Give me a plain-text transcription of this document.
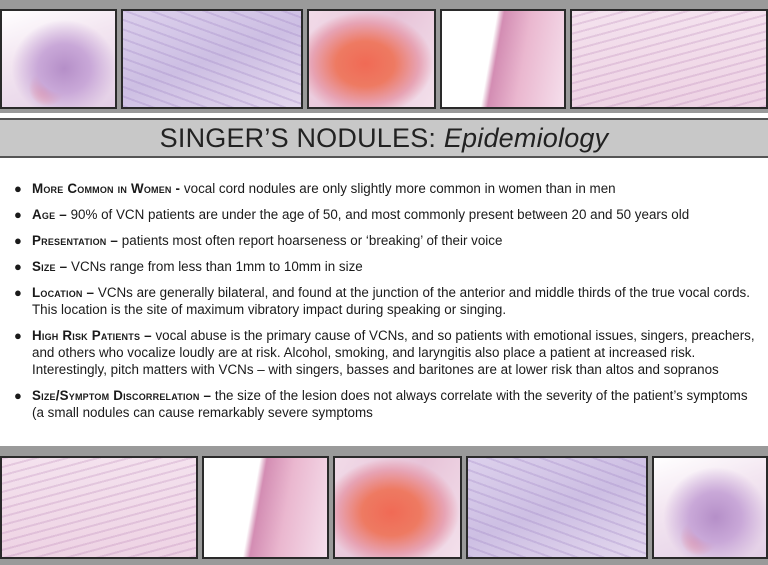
SINGER’S NODULES: Epidemiology
● More Common in Women - vocal cord nodules are only slightly more common in women than in men
● Age – 90% of VCN patients are under the age of 50, and most commonly present between 20 and 50 years old
● Presentation – patients most often report hoarseness or ‘breaking’ of their voice
● Size – VCNs range from less than 1mm to 10mm in size
● Location – VCNs are generally bilateral, and found at the junction of the anterior and middle thirds of the true vocal cords. This location is the site of maximum vibratory impact during speaking or singing.
● High Risk Patients – vocal abuse is the primary cause of VCNs, and so patients with emotional issues, singers, preachers, and others who vocalize loudly are at risk. Alcohol, smoking, and laryngitis also place a patient at increased risk. Interestingly, pitch matters with VCNs – with singers, basses and baritones are at lower risk than altos and sopranos
● Size/Symptom Discorrelation – the size of the lesion does not always correlate with the severity of the patient’s symptoms (a small nodules can cause remarkably severe symptoms
